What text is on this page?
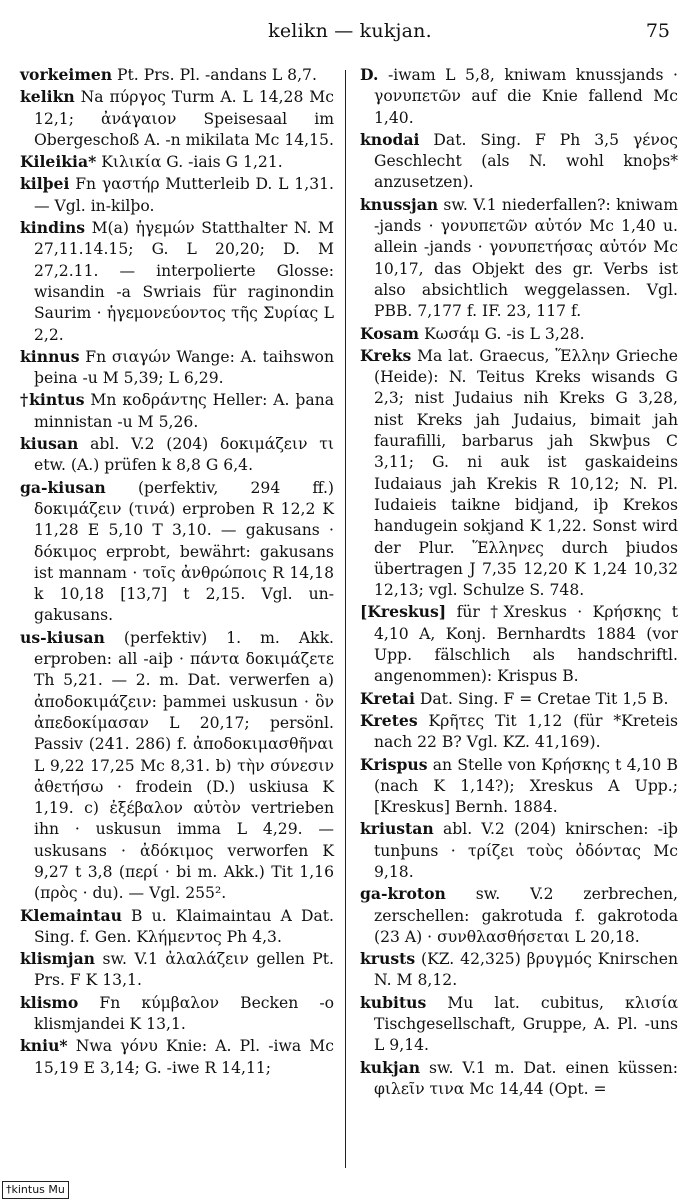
kelikn — kukjan.	75

vorkeimen Pt. Prs. Pl. -andans L 8,7.

kelikn Na πύργος Turm A. L 14,28 Mc 12,1; ἀνάγαιον Speisesaal im Obergeschoß A. -n mikilata Mc 14,15.

Kileikia* Κιλικία G. -iais G 1,21.

kilþei Fn γαστήρ Mutterleib D. L 1,31. — Vgl. in-kilþo.

kindins M(a) ἡγεμών Statthalter N. M 27,11.14.15; G. L 20,20; D. M 27,2.11. — interpolierte Glosse: wisandin -a Swriais für raginondin Saurim · ἡγεμονεύοντος τῆς Συρίας L 2,2.

kinnus Fn σιαγών Wange: A. taihswon þeina -u M 5,39; L 6,29.

†kintus Mn κοδράντης Heller: A. þana minnistan -u M 5,26.

kiusan abl. V.2 (204) δοκιμάζειν τι etw. (A.) prüfen k 8,8 G 6,4.

ga-kiusan (perfektiv, 294 ff.) δοκιμάζειν (τινά) erproben R 12,2 K 11,28 E 5,10 T 3,10. — gakusans · δόκιμος erprobt, bewährt: gakusans ist mannam · τοῖς ἀνθρώποις R 14,18 k 10,18 [13,7] t 2,15. Vgl. un-gakusans.

us-kiusan (perfektiv) 1. m. Akk. erproben: all -aiþ · πάντα δοκιμάζετε Th 5,21. — 2. m. Dat. verwerfen a) ἀποδοκιμάζειν: þammei uskusun · ὃν ἀπεδοκίμασαν L 20,17; persönl. Passiv (241. 286) f. ἀποδοκιμασθῆναι L 9,22 17,25 Mc 8,31. b) τὴν σύνεσιν ἀθετήσω · frodein (D.) uskiusa K 1,19. c) ἐξέβαλον αὐτὸν vertrieben ihn · uskusun imma L 4,29. — uskusans · ἀδόκιμος verworfen K 9,27 t 3,8 (περί · bi m. Akk.) Tit 1,16 (πρὸς · du). — Vgl. 255².

Klemaintau B u. Klaimaintau A Dat. Sing. f. Gen. Κλήμεντος Ph 4,3.

klismjan sw. V.1 ἀλαλάζειν gellen Pt. Prs. F K 13,1.

klismo Fn κύμβαλον Becken -o klismjandei K 13,1.

kniu* Nwa γόνυ Knie: A. Pl. -iwa Mc 15,19 E 3,14; G. -iwe R 14,11;

D. -iwam L 5,8, kniwam knussjands · γονυπετῶν auf die Knie fallend Mc 1,40.

knodai Dat. Sing. F Ph 3,5 γένος Geschlecht (als N. wohl knoþs* anzusetzen).

knussjan sw. V.1 niederfallen?: kniwam -jands · γονυπετῶν αὐτόν Mc 1,40 u. allein -jands · γονυπετήσας αὐτόν Mc 10,17, das Objekt des gr. Verbs ist also absichtlich weggelassen. Vgl. PBB. 7,177 f. IF. 23, 117 f.

Kosam Κωσάμ G. -is L 3,28.

Kreks Ma lat. Graecus, Ἕλλην Grieche (Heide): N. Teitus Kreks wisands G 2,3; nist Judaius nih Kreks G 3,28, nist Kreks jah Judaius, bimait jah faurafilli, barbarus jah Skwþus C 3,11; G. ni auk ist gaskaideins Iudaiaus jah Krekis R 10,12; N. Pl. Iudaieis taikne bidjand, iþ Krekos handugein sokjand K 1,22. Sonst wird der Plur. Ἕλληνες durch þiudos übertragen J 7,35 12,20 K 1,24 10,32 12,13; vgl. Schulze S. 748.

[Kreskus] für †Xreskus · Κρήσκης t 4,10 A, Konj. Bernhardts 1884 (vor Upp. fälschlich als handschriftl. angenommen): Krispus B.

Kretai Dat. Sing. F = Cretae Tit 1,5 B.

Kretes Κρῆτες Tit 1,12 (für *Kreteis nach 22 B? Vgl. KZ. 41,169).

Krispus an Stelle von Κρήσκης t 4,10 B (nach K 1,14?); Xreskus A Upp.; [Kreskus] Bernh. 1884.

kriustan abl. V.2 (204) knirschen: -iþ tunþuns · τρίζει τοὺς ὀδόντας Mc 9,18.

ga-kroton sw. V.2 zerbrechen, zerschellen: gakrotuda f. gakrotoda (23 A) · συνθλασθήσεται L 20,18.

krusts (KZ. 42,325) βρυγμός Knirschen N. M 8,12.

kubitus Mu lat. cubitus, κλισία Tischgesellschaft, Gruppe, A. Pl. -uns L 9,14.

kukjan sw. V.1 m. Dat. einen küssen: φιλεῖν τινα Mc 14,44 (Opt. =

†kintus Mu
